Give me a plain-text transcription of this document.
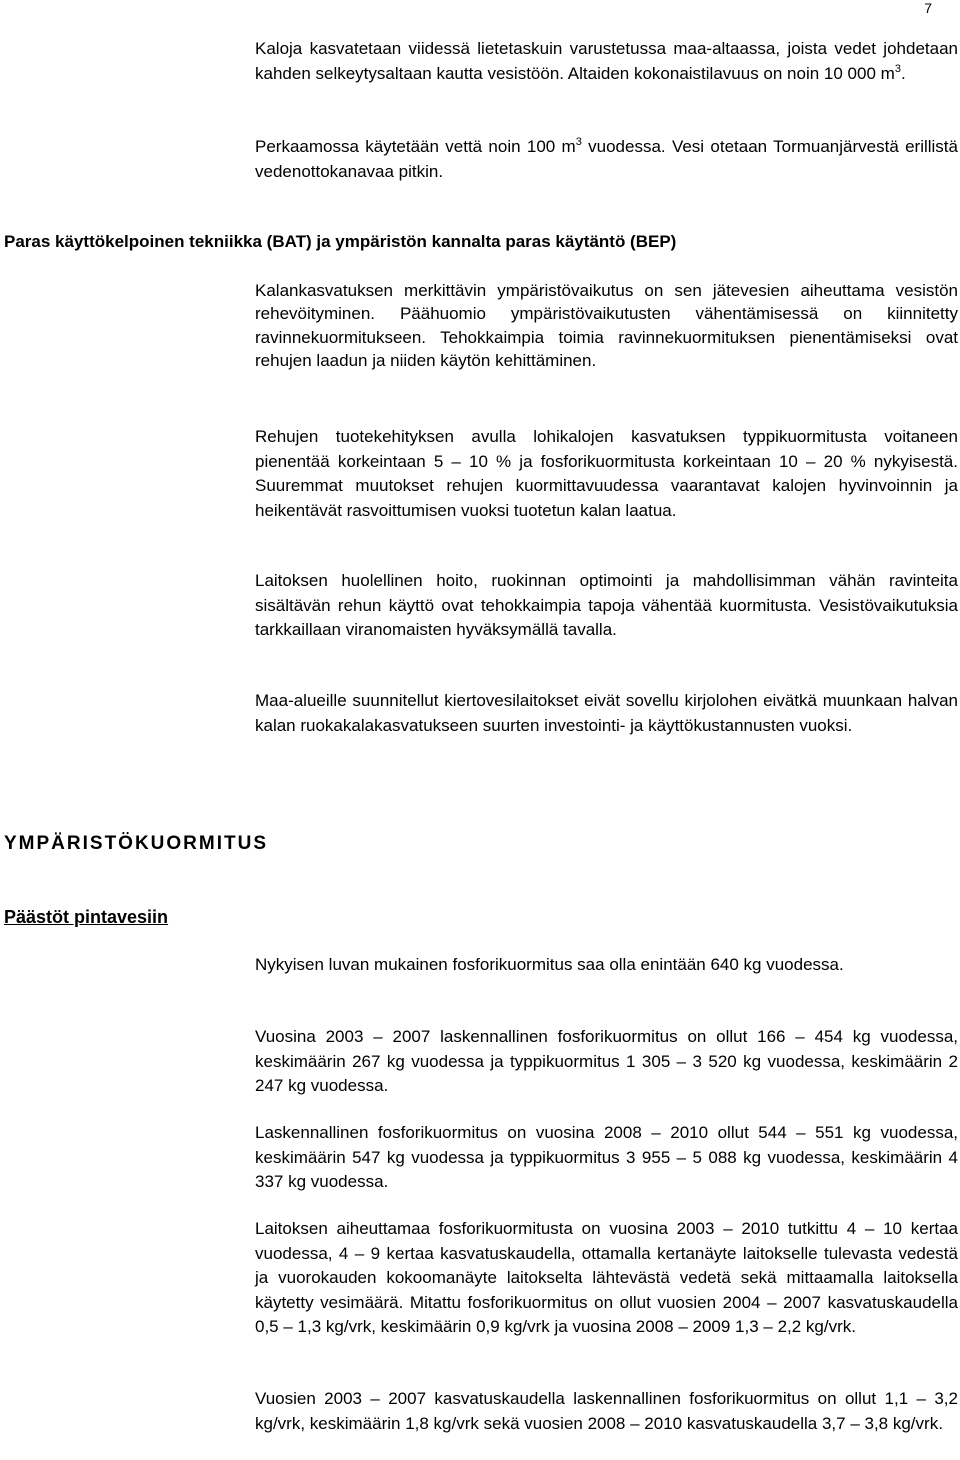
7

Kaloja kasvatetaan viidessä lietetaskuin varustetussa maa-altaassa, joista vedet johdetaan kahden selkeytysaltaan kautta vesistöön. Altaiden kokonaistilavuus on noin 10 000 $m^3$.

Perkaamossa käytetään vettä noin 100 $m^3$ vuodessa. Vesi otetaan Tormuanjärvestä erillistä vedenottokanavaa pitkin.

Paras käyttökelpoinen tekniikka (BAT) ja ympäristön kannalta paras käytäntö (BEP)

Kalankasvatuksen merkittävin ympäristövaikutus on sen jätevesien aiheuttama vesistön rehevöityminen. Päähuomio ympäristövaikutusten vähentämisessä on kiinnitetty ravinnekuormitukseen. Tehokkaimpia toimia ravinnekuormituksen pienentämiseksi ovat rehujen laadun ja niiden käytön kehittäminen.

Rehujen tuotekehityksen avulla lohikalojen kasvatuksen typpikuormitusta voitaneen pienentää korkeintaan 5 – 10 % ja fosforikuormitusta korkeintaan 10 – 20 % nykyisestä. Suuremmat muutokset rehujen kuormittavuudessa vaarantavat kalojen hyvinvoinnin ja heikentävät rasvoittumisen vuoksi tuotetun kalan laatua.

Laitoksen huolellinen hoito, ruokinnan optimointi ja mahdollisimman vähän ravinteita sisältävän rehun käyttö ovat tehokkaimpia tapoja vähentää kuormitusta. Vesistövaikutuksia tarkkaillaan viranomaisten hyväksymällä tavalla.

Maa-alueille suunnitellut kiertovesilaitokset eivät sovellu kirjolohen eivätkä muunkaan halvan kalan ruokakalakasvatukseen suurten investointi- ja käyttökustannusten vuoksi.

YMPÄRISTÖKUORMITUS
Päästöt pintavesiin

Nykyisen luvan mukainen fosforikuormitus saa olla enintään 640 kg vuodessa.

Vuosina 2003 – 2007 laskennallinen fosforikuormitus on ollut 166 – 454 kg vuodessa, keskimäärin 267 kg vuodessa ja typpikuormitus 1 305 – 3 520 kg vuodessa, keskimäärin 2 247 kg vuodessa.

Laskennallinen fosforikuormitus on vuosina 2008 – 2010 ollut 544 – 551 kg vuodessa, keskimäärin 547 kg vuodessa ja typpikuormitus 3 955 – 5 088 kg vuodessa, keskimäärin 4 337 kg vuodessa.

Laitoksen aiheuttamaa fosforikuormitusta on vuosina 2003 – 2010 tutkittu 4 – 10 kertaa vuodessa, 4 – 9 kertaa kasvatuskaudella, ottamalla kertanäyte laitokselle tulevasta vedestä ja vuorokauden kokoomanäyte laitokselta lähtevästä vedetä sekä mittaamalla laitoksella käytetty vesimäärä. Mitattu fosforikuormitus on ollut vuosien 2004 – 2007 kasvatuskaudella 0,5 – 1,3 kg/vrk, keskimäärin 0,9 kg/vrk ja vuosina 2008 – 2009 1,3 – 2,2 kg/vrk.

Vuosien 2003 – 2007 kasvatuskaudella laskennallinen fosforikuormitus on ollut 1,1 – 3,2 kg/vrk, keskimäärin 1,8 kg/vrk sekä vuosien 2008 – 2010 kasvatuskaudella 3,7 – 3,8 kg/vrk.
